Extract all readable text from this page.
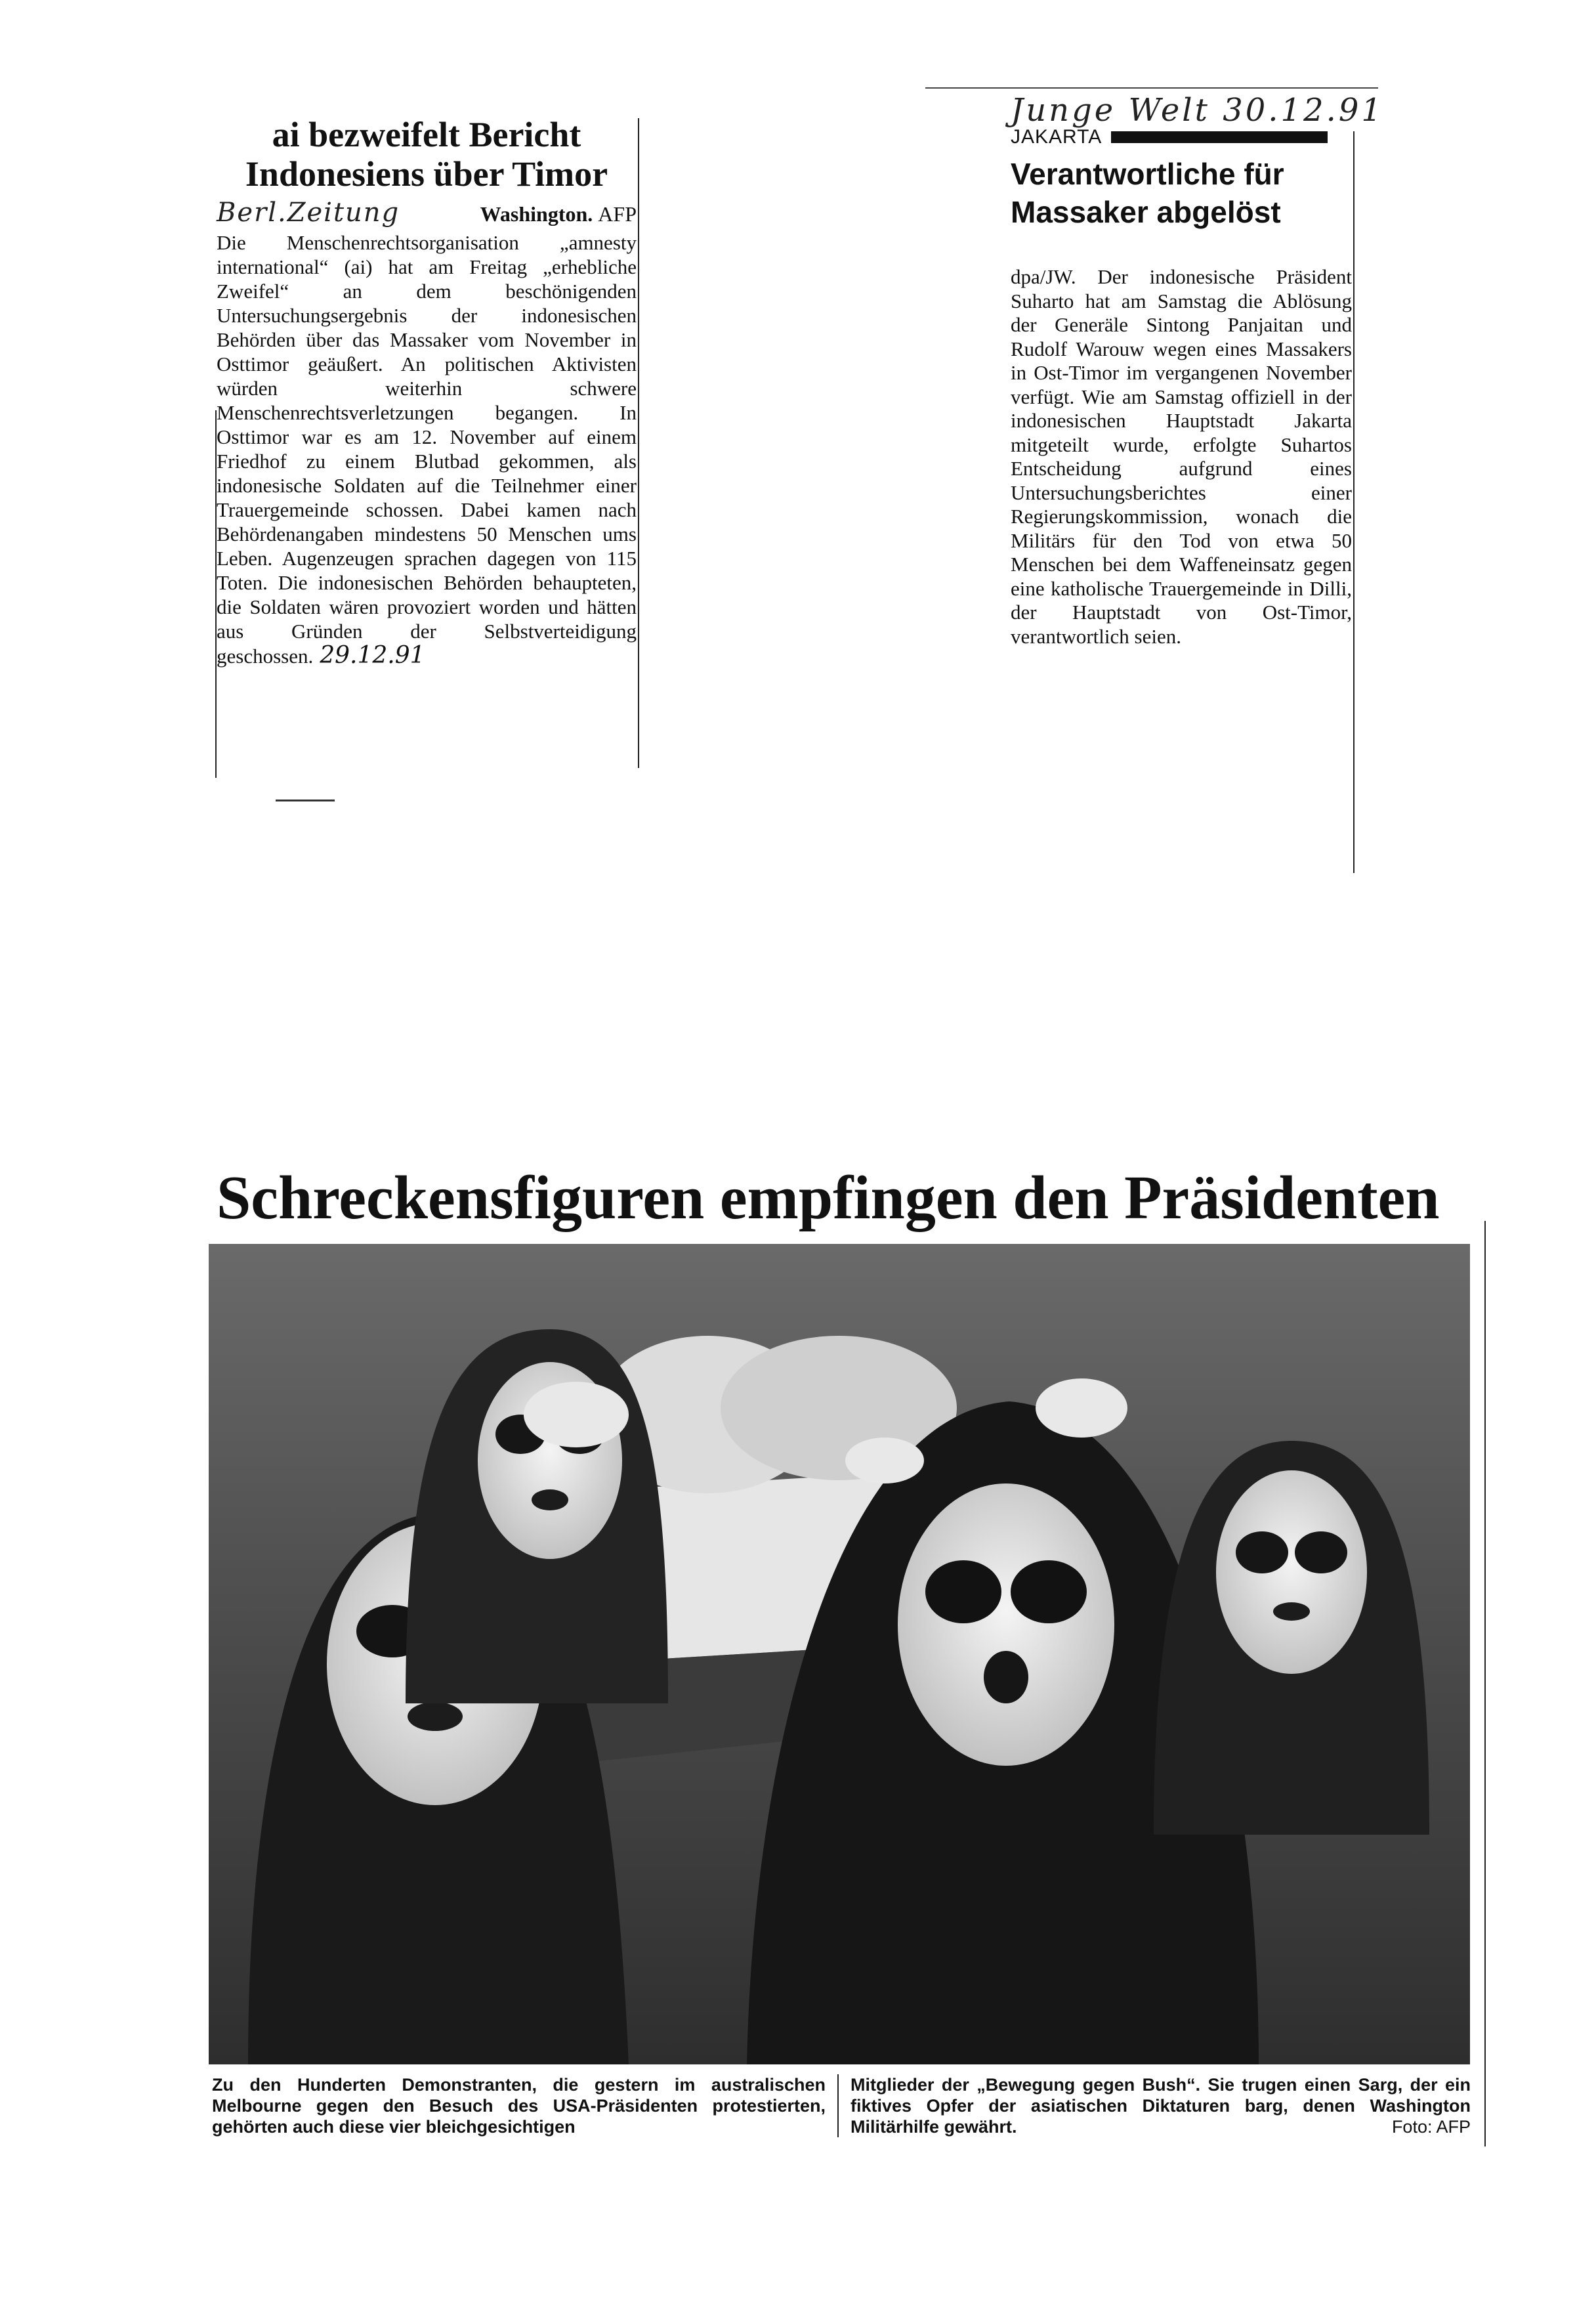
ai bezweifelt Bericht
Indonesiens über Timor
Berl.Zeitung	Washington. AFP

Die Menschenrechtsorganisation „amnesty international“ (ai) hat am Freitag „erhebliche Zweifel“ an dem beschönigenden Untersuchungsergebnis der indonesischen Behörden über das Massaker vom November in Osttimor geäußert. An politischen Aktivisten würden weiterhin schwere Menschenrechtsverletzungen begangen. In Osttimor war es am 12. November auf einem Friedhof zu einem Blutbad gekommen, als indonesische Soldaten auf die Teilnehmer einer Trauergemeinde schossen. Dabei kamen nach Behördenangaben mindestens 50 Menschen ums Leben. Augenzeugen sprachen dagegen von 115 Toten. Die indonesischen Behörden behaupteten, die Soldaten wären provoziert worden und hätten aus Gründen der Selbstverteidigung geschossen. 29.12.91

Junge Welt 30.12.91
JAKARTA
Verantwortliche für
Massaker abgelöst

dpa/JW. Der indonesische Präsident Suharto hat am Samstag die Ablösung der Generäle Sintong Panjaitan und Rudolf Warouw wegen eines Massakers in Ost-Timor im vergangenen November verfügt. Wie am Samstag offiziell in der indonesischen Hauptstadt Jakarta mitgeteilt wurde, erfolgte Suhartos Entscheidung aufgrund eines Untersuchungsberichtes einer Regierungskommission, wonach die Militärs für den Tod von etwa 50 Menschen bei dem Waffeneinsatz gegen eine katholische Trauergemeinde in Dilli, der Hauptstadt von Ost-Timor, verantwortlich seien.

Schreckensfiguren empfingen den Präsidenten
Zu den Hunderten Demonstranten, die gestern im australischen Melbourne gegen den Besuch des USA-Präsidenten protestierten, gehörten auch diese vier bleichgesichtigen
Mitglieder der „Bewegung gegen Bush“. Sie trugen einen Sarg, der ein fiktives Opfer der asiatischen Diktaturen barg, denen Washington Militärhilfe gewährt.	Foto: AFP
